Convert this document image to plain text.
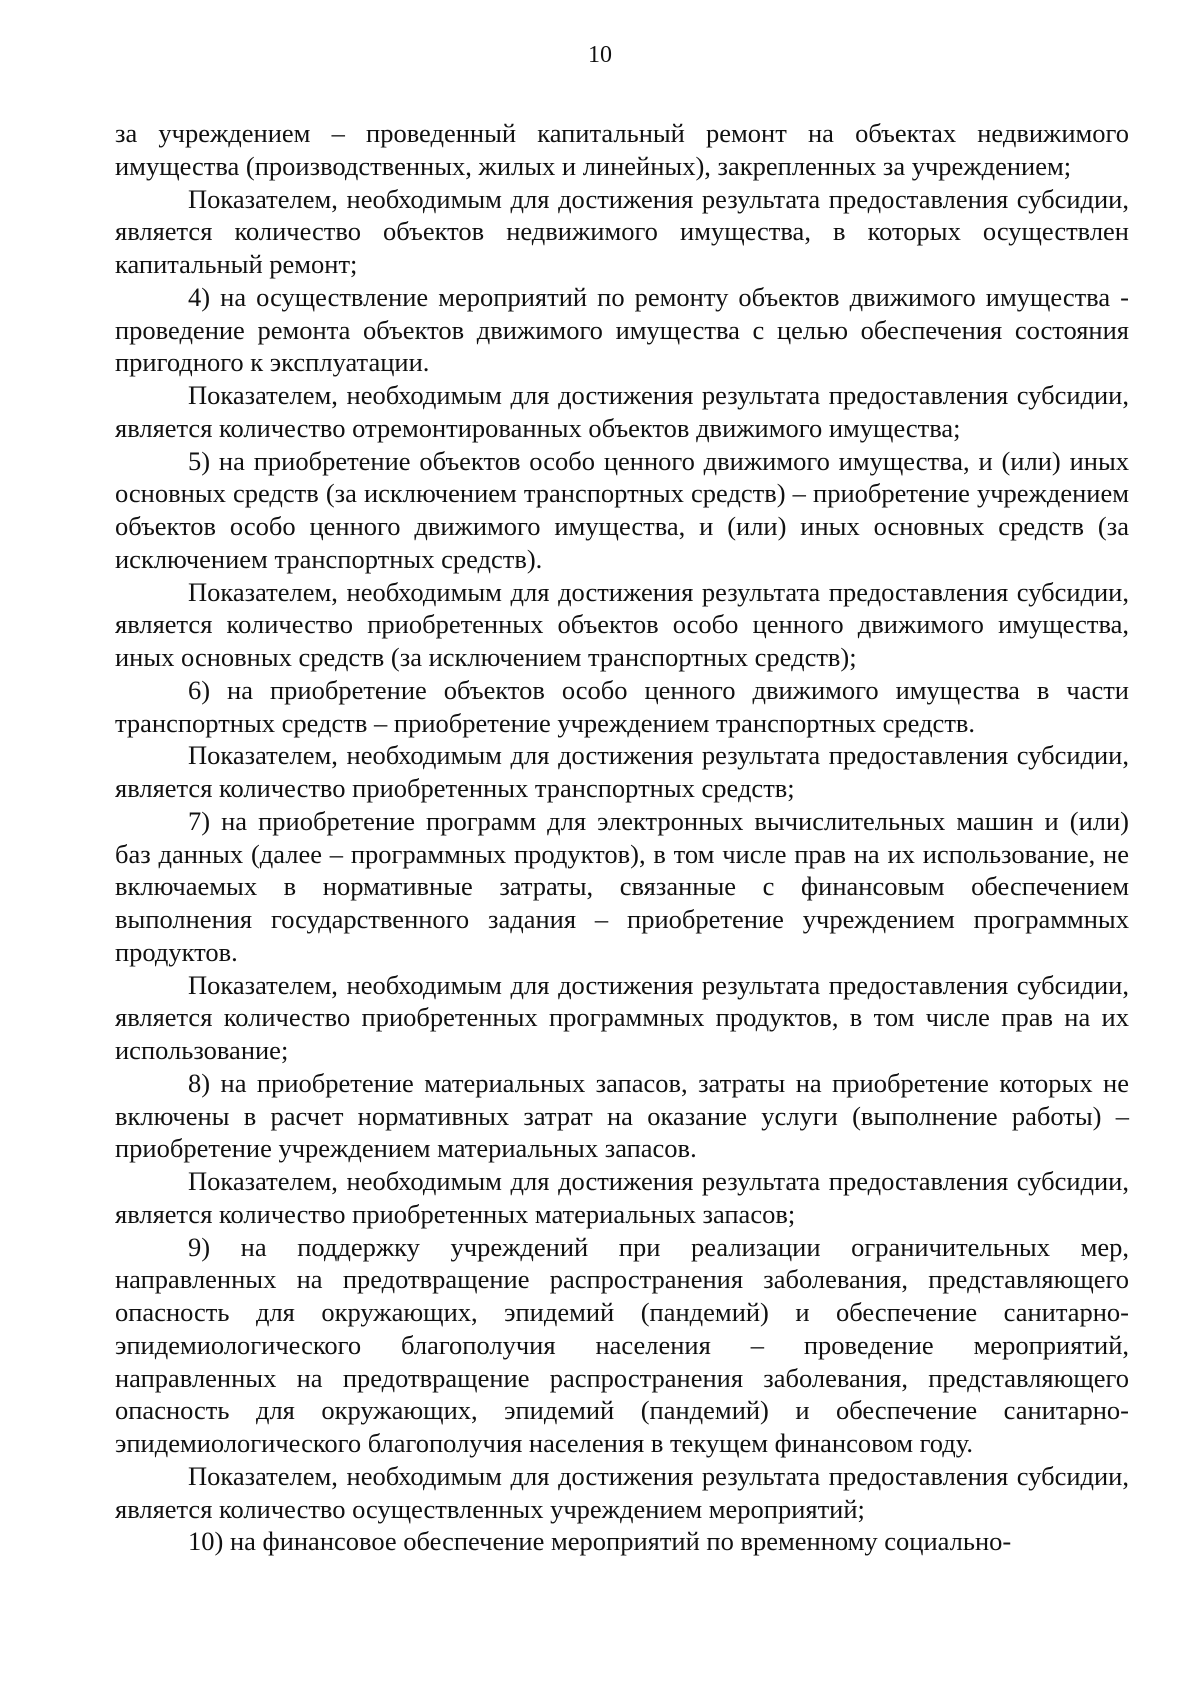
10

за учреждением – проведенный капитальный ремонт на объектах недвижимого имущества (производственных, жилых и линейных), закрепленных за учреждением;

Показателем, необходимым для достижения результата предоставления субсидии, является количество объектов недвижимого имущества, в которых осуществлен капитальный ремонт;

4) на осуществление мероприятий по ремонту объектов движимого имущества - проведение ремонта объектов движимого имущества с целью обеспечения состояния пригодного к эксплуатации.

Показателем, необходимым для достижения результата предоставления субсидии, является количество отремонтированных объектов движимого имущества;

5) на приобретение объектов особо ценного движимого имущества, и (или) иных основных средств (за исключением транспортных средств) – приобретение учреждением объектов особо ценного движимого имущества, и (или) иных основных средств (за исключением транспортных средств).

Показателем, необходимым для достижения результата предоставления субсидии, является количество приобретенных объектов особо ценного движимого имущества, иных основных средств (за исключением транспортных средств);

6) на приобретение объектов особо ценного движимого имущества в части транспортных средств – приобретение учреждением транспортных средств.

Показателем, необходимым для достижения результата предоставления субсидии, является количество приобретенных транспортных средств;

7) на приобретение программ для электронных вычислительных машин и (или) баз данных (далее – программных продуктов), в том числе прав на их использование, не включаемых в нормативные затраты, связанные с финансовым обеспечением выполнения государственного задания – приобретение учреждением программных продуктов.

Показателем, необходимым для достижения результата предоставления субсидии, является количество приобретенных программных продуктов, в том числе прав на их использование;

8) на приобретение материальных запасов, затраты на приобретение которых не включены в расчет нормативных затрат на оказание услуги (выполнение работы) – приобретение учреждением материальных запасов.

Показателем, необходимым для достижения результата предоставления субсидии, является количество приобретенных материальных запасов;

9) на поддержку учреждений при реализации ограничительных мер, направленных на предотвращение распространения заболевания, представляющего опасность для окружающих, эпидемий (пандемий) и обеспечение санитарно-эпидемиологического благополучия населения – проведение мероприятий, направленных на предотвращение распространения заболевания, представляющего опасность для окружающих, эпидемий (пандемий) и обеспечение санитарно-эпидемиологического благополучия населения в текущем финансовом году.

Показателем, необходимым для достижения результата предоставления субсидии, является количество осуществленных учреждением мероприятий;

10) на финансовое обеспечение мероприятий по временному социально-
